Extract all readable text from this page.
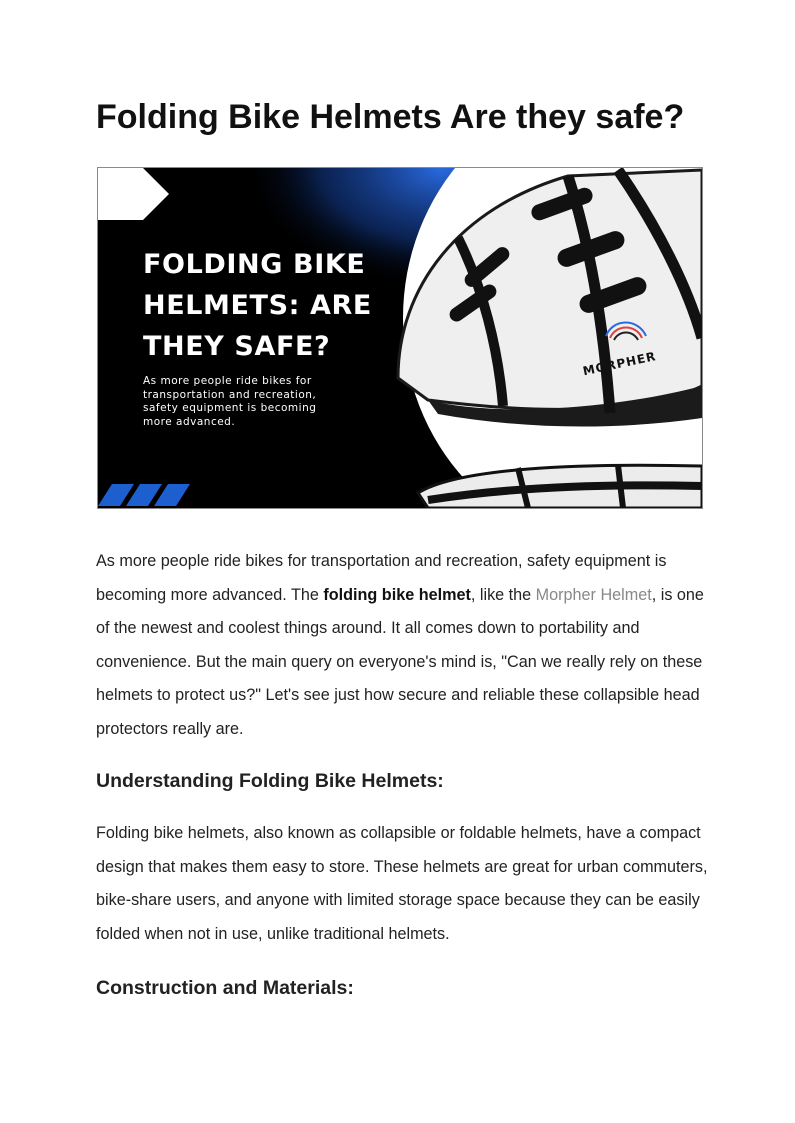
Folding Bike Helmets Are they safe?
MORPHER
FOLDING BIKE
HELMETS: ARE
THEY SAFE?

As more people ride bikes for
transportation and recreation,
safety equipment is becoming
more advanced.

As more people ride bikes for transportation and recreation, safety equipment is becoming more advanced. The folding bike helmet, like the Morpher Helmet, is one of the newest and coolest things around. It all comes down to portability and convenience. But the main query on everyone's mind is, "Can we really rely on these helmets to protect us?" Let's see just how secure and reliable these collapsible head protectors really are.

Understanding Folding Bike Helmets:

Folding bike helmets, also known as collapsible or foldable helmets, have a compact design that makes them easy to store. These helmets are great for urban commuters, bike-share users, and anyone with limited storage space because they can be easily folded when not in use, unlike traditional helmets.

Construction and Materials:
